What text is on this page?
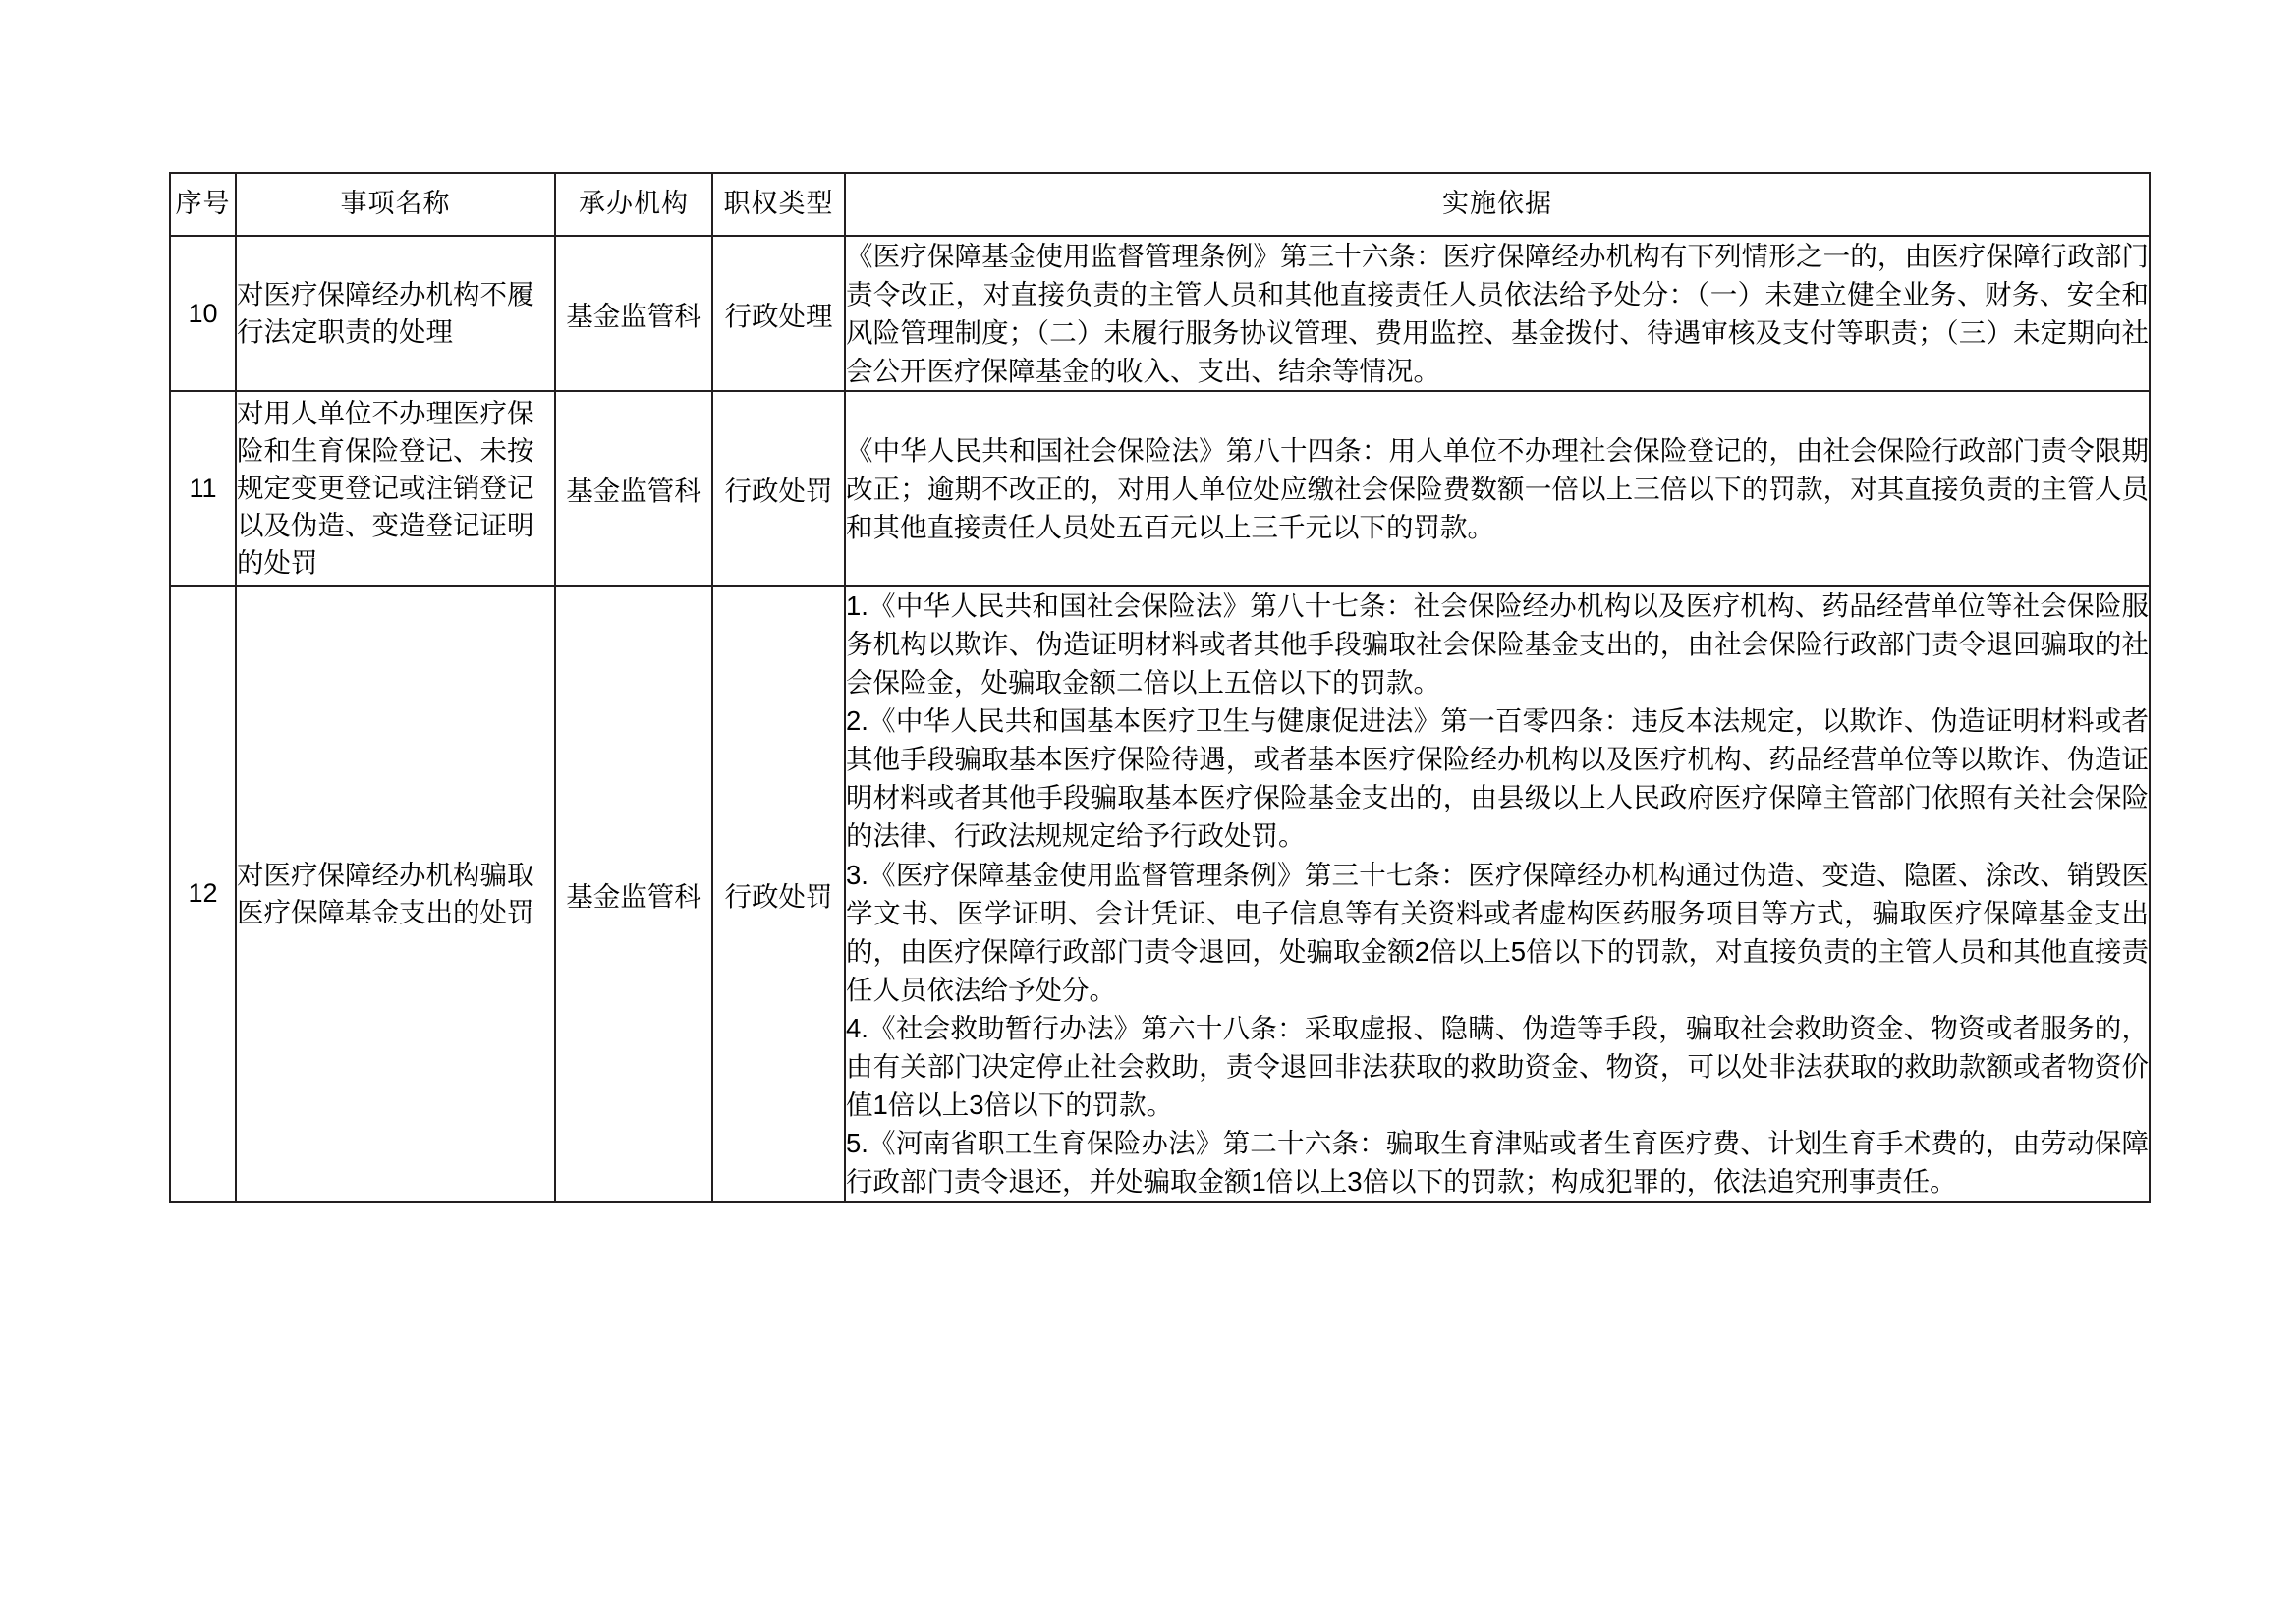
序号	事项名称	承办机构	职权类型	实施依据

10	对医疗保障经办机构不履行法定职责的处理	基金监管科	行政处理	《医疗保障基金使用监督管理条例》第三十六条：医疗保障经办机构有下列情形之一的，由医疗保障行政部门责令改正，对直接负责的主管人员和其他直接责任人员依法给予处分：（一）未建立健全业务、财务、安全和风险管理制度；（二）未履行服务协议管理、费用监控、基金拨付、待遇审核及支付等职责；（三）未定期向社会公开医疗保障基金的收入、支出、结余等情况。

11	对用人单位不办理医疗保险和生育保险登记、未按规定变更登记或注销登记以及伪造、变造登记证明的处罚	基金监管科	行政处罚	《中华人民共和国社会保险法》第八十四条：用人单位不办理社会保险登记的，由社会保险行政部门责令限期改正；逾期不改正的，对用人单位处应缴社会保险费数额一倍以上三倍以下的罚款，对其直接负责的主管人员和其他直接责任人员处五百元以上三千元以下的罚款。

12	对医疗保障经办机构骗取医疗保障基金支出的处罚	基金监管科	行政处罚	1.《中华人民共和国社会保险法》第八十七条：社会保险经办机构以及医疗机构、药品经营单位等社会保险服务机构以欺诈、伪造证明材料或者其他手段骗取社会保险基金支出的，由社会保险行政部门责令退回骗取的社会保险金，处骗取金额二倍以上五倍以下的罚款。

2.《中华人民共和国基本医疗卫生与健康促进法》第一百零四条：违反本法规定，以欺诈、伪造证明材料或者其他手段骗取基本医疗保险待遇，或者基本医疗保险经办机构以及医疗机构、药品经营单位等以欺诈、伪造证明材料或者其他手段骗取基本医疗保险基金支出的，由县级以上人民政府医疗保障主管部门依照有关社会保险的法律、行政法规规定给予行政处罚。

3.《医疗保障基金使用监督管理条例》第三十七条：医疗保障经办机构通过伪造、变造、隐匿、涂改、销毁医学文书、医学证明、会计凭证、电子信息等有关资料或者虚构医药服务项目等方式，骗取医疗保障基金支出的，由医疗保障行政部门责令退回，处骗取金额2倍以上5倍以下的罚款，对直接负责的主管人员和其他直接责任人员依法给予处分。

4.《社会救助暂行办法》第六十八条：采取虚报、隐瞒、伪造等手段，骗取社会救助资金、物资或者服务的，由有关部门决定停止社会救助，责令退回非法获取的救助资金、物资，可以处非法获取的救助款额或者物资价值1倍以上3倍以下的罚款。

5.《河南省职工生育保险办法》第二十六条：骗取生育津贴或者生育医疗费、计划生育手术费的，由劳动保障行政部门责令退还，并处骗取金额1倍以上3倍以下的罚款；构成犯罪的，依法追究刑事责任。
